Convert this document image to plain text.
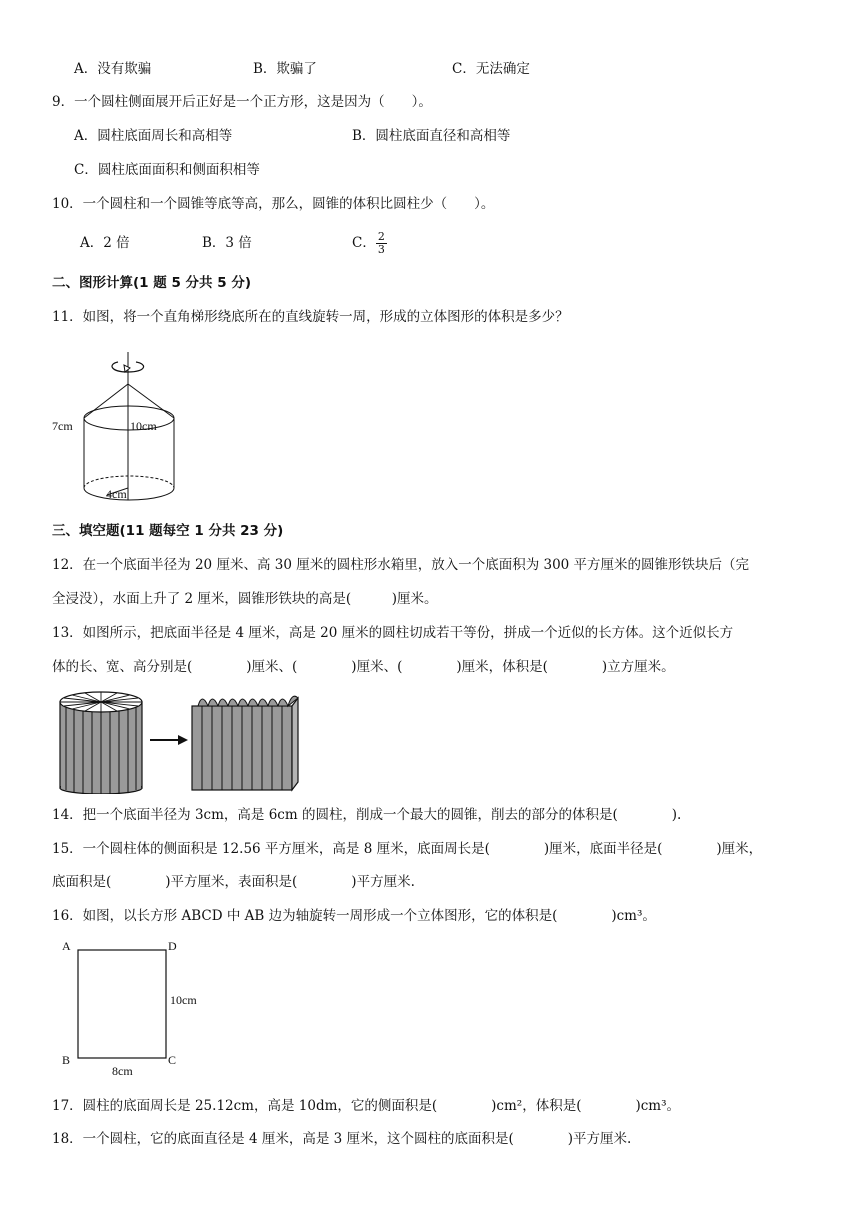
A．没有欺骗	B．欺骗了	C．无法确定
9．一个圆柱侧面展开后正好是一个正方形，这是因为（　　）。
A．圆柱底面周长和高相等	B．圆柱底面直径和高相等
C．圆柱底面面积和侧面积相等
10．一个圆柱和一个圆锥等底等高，那么，圆锥的体积比圆柱少（　　）。
A．2 倍	B．3 倍	C． $\frac{2}{3}$
二、图形计算(1 题 5 分共 5 分)
11．如图，将一个直角梯形绕底所在的直线旋转一周，形成的立体图形的体积是多少？
7cm	10cm
4cm
三、填空题(11 题每空 1 分共 23 分)
12．在一个底面半径为 20 厘米、高 30 厘米的圆柱形水箱里，放入一个底面积为 300 平方厘米的圆锥形铁块后（完
全浸没），水面上升了 2 厘米，圆锥形铁块的高是(　　　)厘米。
13．如图所示，把底面半径是 4 厘米，高是 20 厘米的圆柱切成若干等份，拼成一个近似的长方体。这个近似长方
体的长、宽、高分别是(　　　　)厘米、(　　　　)厘米、(　　　　)厘米，体积是(　　　　)立方厘米。
14．把一个底面半径为 3cm，高是 6cm 的圆柱，削成一个最大的圆锥，削去的部分的体积是(　　　　).
15．一个圆柱体的侧面积是 12.56 平方厘米，高是 8 厘米，底面周长是(　　　　)厘米，底面半径是(　　　　)厘米，
底面积是(　　　　)平方厘米，表面积是(　　　　)平方厘米.
16．如图，以长方形 ABCD 中 AB 边为轴旋转一周形成一个立体图形，它的体积是(　　　　)cm³。
A	D
10cm
B	C
8cm
17．圆柱的底面周长是 25.12cm，高是 10dm，它的侧面积是(　　　　)cm²，体积是(　　　　)cm³。
18．一个圆柱，它的底面直径是 4 厘米，高是 3 厘米，这个圆柱的底面积是(　　　　)平方厘米.
